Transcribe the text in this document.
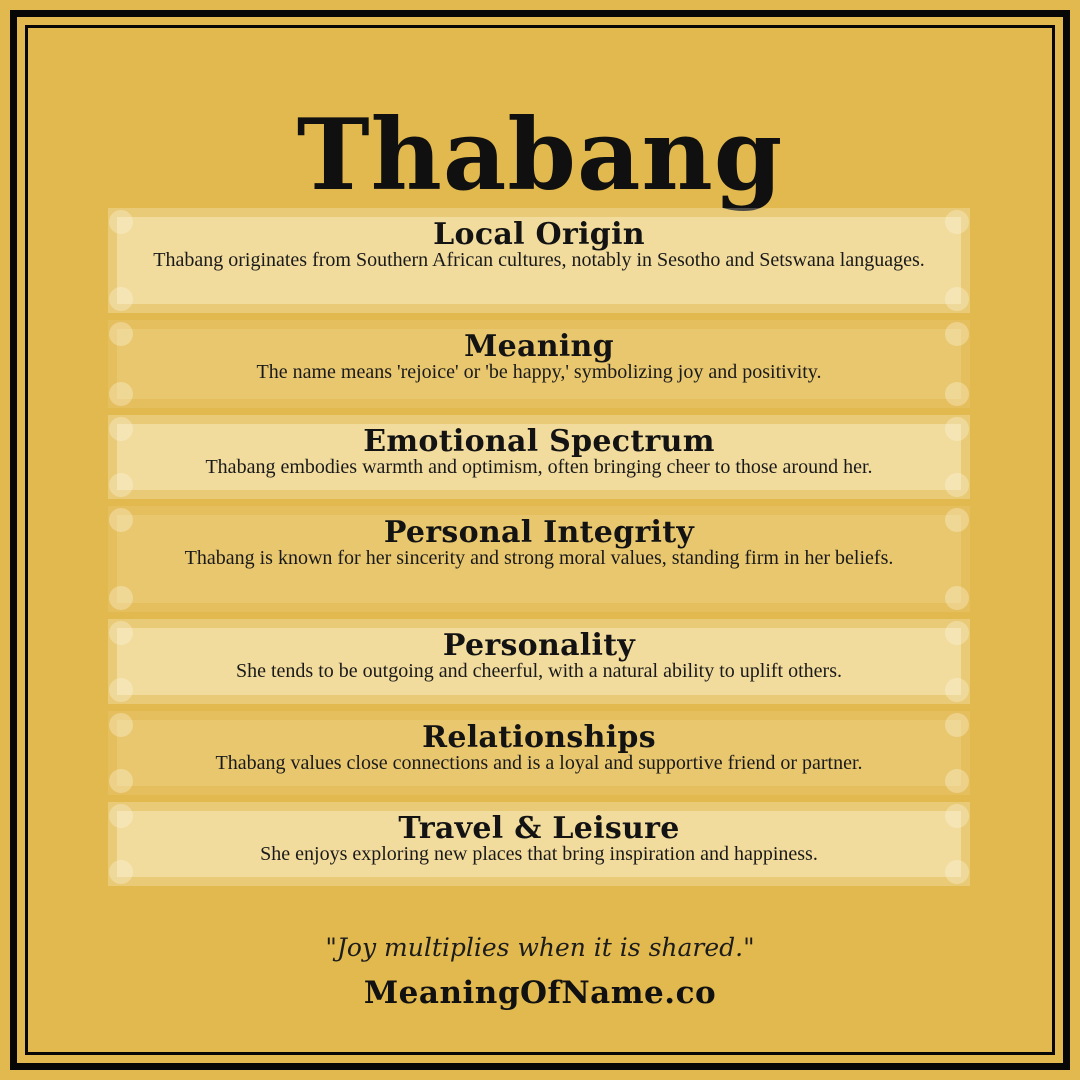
Thabang
Local Origin

Thabang originates from Southern African cultures, notably in Sesotho and Setswana languages.

Meaning

The name means 'rejoice' or 'be happy,' symbolizing joy and positivity.

Emotional Spectrum

Thabang embodies warmth and optimism, often bringing cheer to those around her.

Personal Integrity

Thabang is known for her sincerity and strong moral values, standing firm in her beliefs.

Personality

She tends to be outgoing and cheerful, with a natural ability to uplift others.

Relationships

Thabang values close connections and is a loyal and supportive friend or partner.

Travel & Leisure

She enjoys exploring new places that bring inspiration and happiness.

"Joy multiplies when it is shared."
MeaningOfName.co
